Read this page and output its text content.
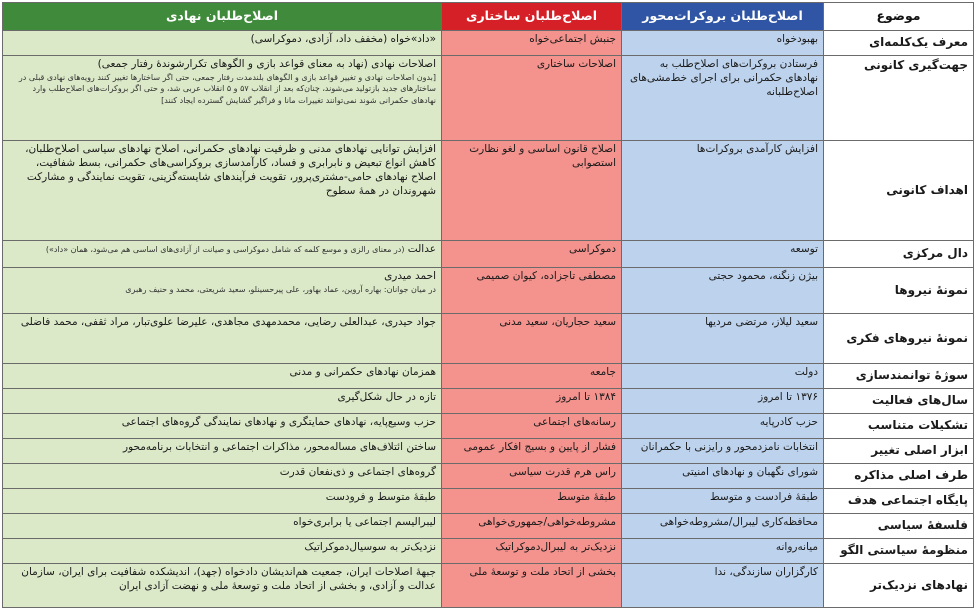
موضوع	اصلاح‌طلبان بروکرات‌محور	اصلاح‌طلبان ساختاری	اصلاح‌طلبان نهادی
معرف یک‌کلمه‌ای	بهبودخواه	جنبش اجتماعی‌خواه	«داد»خواه (مخفف داد، آزادی، دموکراسی)

جهت‌گیری کانونی	فرستادن بروکرات‌های اصلاح‌طلب به نهادهای حکمرانی برای اجرای خط‌مشی‌های اصلاح‌طلبانه	اصلاحات ساختاری	اصلاحات نهادی (نهاد به معنای قواعد بازی و الگوهای تکرارشوندهٔ رفتار جمعی)
[بدون اصلاحات نهادی و تغییر قواعد بازی و الگوهای بلندمدت رفتار جمعی، حتی اگر ساختارها تغییر کنند رویه‌های نهادی قبلی در ساختارهای جدید بازتولید می‌شوند، چنان‌که بعد از انقلاب ۵۷ و ۵ انقلاب عربی شد، و حتی اگر بروکرات‌های اصلاح‌طلب وارد نهادهای حکمرانی شوند نمی‌توانند تغییرات مانا و فراگیر گشایش گسترده ایجاد کنند]

اهداف کانونی	افزایش کارآمدی بروکرات‌ها	اصلاح قانون اساسی و لغو نظارت استصوابی	افزایش توانایی نهادهای مدنی و ظرفیت نهادهای حکمرانی، اصلاح نهادهای سیاسی اصلاح‌طلبان، کاهش انواع تبعیض و نابرابری و فساد، کارآمدسازی بروکراسی‌های حکمرانی، بسط شفافیت، اصلاح نهادهای حامی-مشتری‌پرور، تقویت فرآیندهای شایسته‌گزینی، تقویت نمایندگی و مشارکت شهروندان در همهٔ سطوح
دال مرکزی	توسعه	دموکراسی	عدالت (در معنای رالزی و موسع کلمه که شامل دموکراسی و صیانت از آزادی‌های اساسی هم می‌شود، همان «داد»)
نمونهٔ نیروها	بیژن زنگنه، محمود حجتی	مصطفی تاجزاده، کیوان صمیمی	احمد میدری
در میان جوانان: بهاره آروین، عماد بهاور، علی پیرحسینلو، سعید شریعتی، محمد و حنیف رهبری

نمونهٔ نیروهای فکری	سعید لیلاز، مرتضی مردیها	سعید حجاریان، سعید مدنی	جواد حیدری، عبدالعلی رضایی، محمدمهدی مجاهدی، علیرضا علوی‌تبار، مراد ثقفی، محمد فاضلی
سوژهٔ توانمندسازی	دولت	جامعه	همزمان نهادهای حکمرانی و مدنی
سال‌های فعالیت	۱۳۷۶ تا امروز	۱۳۸۴ تا امروز	تازه در حال شکل‌گیری
تشکیلات متناسب	حزب کادرپایه	رسانه‌های اجتماعی	حزب وسیع‌پایه، نهادهای حمایتگری و نهادهای نمایندگی گروه‌های اجتماعی
ابزار اصلی تغییر	انتخابات نامزدمحور و رایزنی با حکمرانان	فشار از پایین و بسیج افکار عمومی	ساختن ائتلاف‌های مساله‌محور، مذاکرات اجتماعی و انتخابات برنامه‌محور
طرف اصلی مذاکره	شورای نگهبان و نهادهای امنیتی	راس هرم قدرت سیاسی	گروه‌های اجتماعی و ذی‌نفعان قدرت
پایگاه اجتماعی هدف	طبقهٔ فرادست و متوسط	طبقهٔ متوسط	طبقهٔ متوسط و فرودست
فلسفهٔ سیاسی	محافظه‌کاری لیبرال/مشروطه‌خواهی	مشروطه‌خواهی/جمهوری‌خواهی	لیبرالیسم اجتماعی یا برابری‌خواه
منظومهٔ سیاستی الگو	میانه‌روانه	نزدیک‌تر به لیبرال‌دموکراتیک	نزدیک‌تر به سوسیال‌دموکراتیک
نهادهای نزدیک‌تر	کارگزاران سازندگی، ندا	بخشی از اتحاد ملت و توسعهٔ ملی	جبههٔ اصلاحات ایران، جمعیت هم‌اندیشان دادخواه (جهد)، اندیشکده شفافیت برای ایران، سازمان عدالت و آزادی، و بخشی از اتحاد ملت و توسعهٔ ملی و نهضت آزادی ایران
